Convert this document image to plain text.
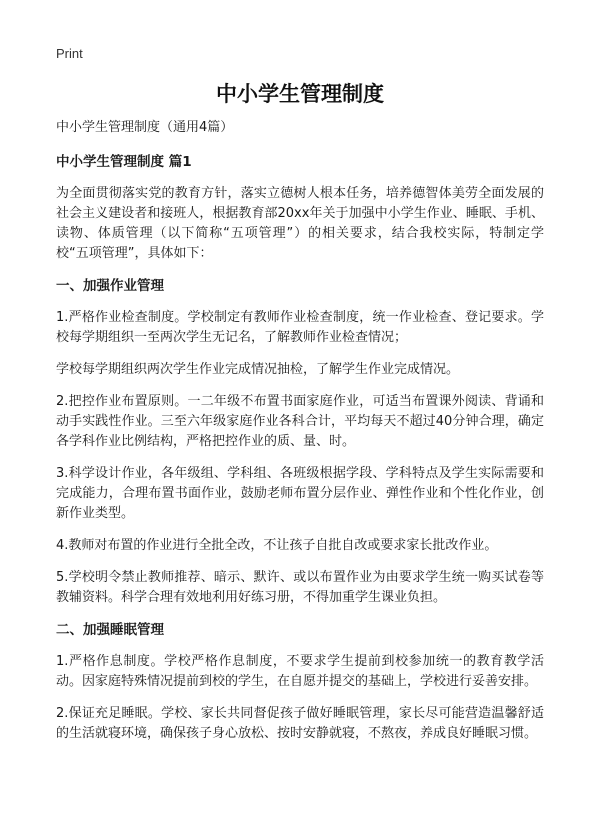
Print
中小学生管理制度

中小学生管理制度（通用4篇）

中小学生管理制度 篇1

为全面贯彻落实党的教育方针，落实立德树人根本任务，培养德智体美劳全面发展的社会主义建设者和接班人，根据教育部20xx年关于加强中小学生作业、睡眠、手机、读物、体质管理（以下简称“五项管理”）的相关要求，结合我校实际，特制定学校“五项管理”，具体如下：

一、加强作业管理

1.严格作业检查制度。学校制定有教师作业检查制度，统一作业检查、登记要求。学校每学期组织一至两次学生无记名，了解教师作业检查情况；

学校每学期组织两次学生作业完成情况抽检，了解学生作业完成情况。

2.把控作业布置原则。一二年级不布置书面家庭作业，可适当布置课外阅读、背诵和动手实践性作业。三至六年级家庭作业各科合计，平均每天不超过40分钟合理，确定各学科作业比例结构，严格把控作业的质、量、时。

3.科学设计作业，各年级组、学科组、各班级根据学段、学科特点及学生实际需要和完成能力，合理布置书面作业，鼓励老师布置分层作业、弹性作业和个性化作业，创新作业类型。

4.教师对布置的作业进行全批全改，不让孩子自批自改或要求家长批改作业。

5.学校明令禁止教师推荐、暗示、默许、或以布置作业为由要求学生统一购买试卷等教辅资料。科学合理有效地利用好练习册，不得加重学生课业负担。

二、加强睡眠管理

1.严格作息制度。学校严格作息制度，不要求学生提前到校参加统一的教育教学活动。因家庭特殊情况提前到校的学生，在自愿并提交的基础上，学校进行妥善安排。

2.保证充足睡眠。学校、家长共同督促孩子做好睡眠管理，家长尽可能营造温馨舒适的生活就寝环境，确保孩子身心放松、按时安静就寝，不熬夜，养成良好睡眠习惯。
